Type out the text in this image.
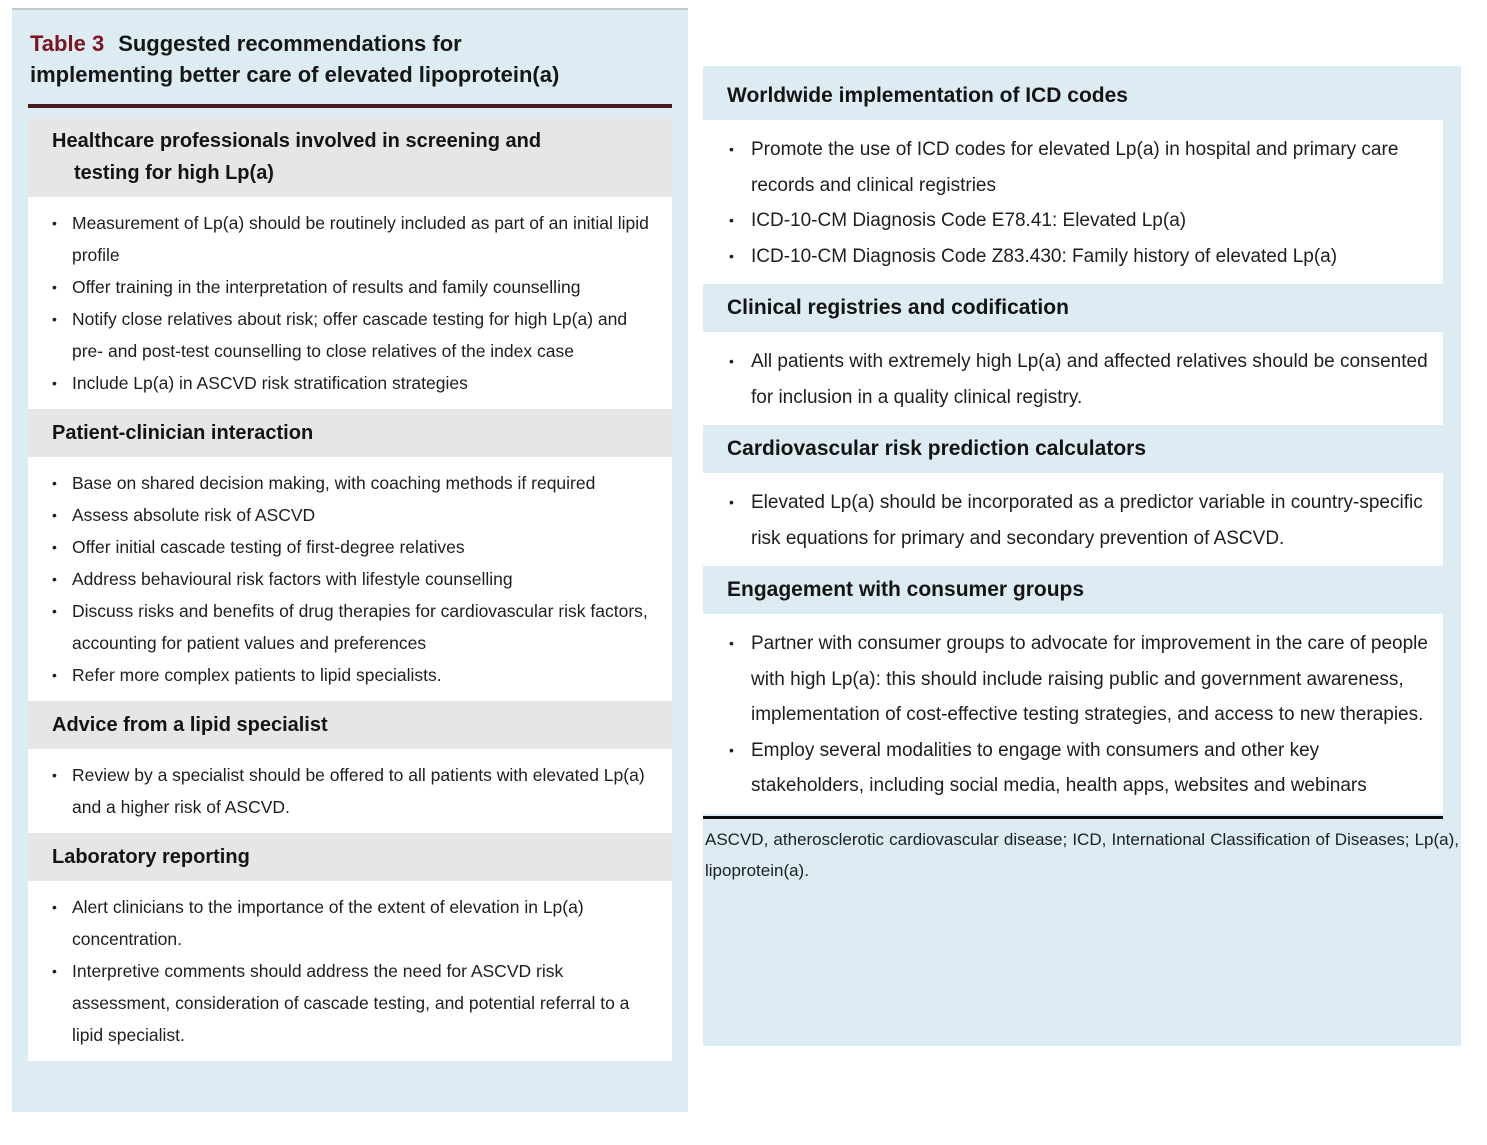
Table 3 Suggested recommendations for
implementing better care of elevated lipoprotein(a)
Healthcare professionals involved in screening and
testing for high Lp(a)
• Measurement of Lp(a) should be routinely included as part of an initial lipid profile
• Offer training in the interpretation of results and family counselling
• Notify close relatives about risk; offer cascade testing for high Lp(a) and pre- and post-test counselling to close relatives of the index case
• Include Lp(a) in ASCVD risk stratification strategies
Patient-clinician interaction
• Base on shared decision making, with coaching methods if required
• Assess absolute risk of ASCVD
• Offer initial cascade testing of first-degree relatives
• Address behavioural risk factors with lifestyle counselling
• Discuss risks and benefits of drug therapies for cardiovascular risk factors, accounting for patient values and preferences
• Refer more complex patients to lipid specialists.
Advice from a lipid specialist
• Review by a specialist should be offered to all patients with elevated Lp(a) and a higher risk of ASCVD.
Laboratory reporting
• Alert clinicians to the importance of the extent of elevation in Lp(a) concentration.
• Interpretive comments should address the need for ASCVD risk assessment, consideration of cascade testing, and potential referral to a lipid specialist.
Worldwide implementation of ICD codes
• Promote the use of ICD codes for elevated Lp(a) in hospital and primary care records and clinical registries
• ICD-10-CM Diagnosis Code E78.41: Elevated Lp(a)
• ICD-10-CM Diagnosis Code Z83.430: Family history of elevated Lp(a)
Clinical registries and codification
• All patients with extremely high Lp(a) and affected relatives should be consented for inclusion in a quality clinical registry.
Cardiovascular risk prediction calculators
• Elevated Lp(a) should be incorporated as a predictor variable in country-specific risk equations for primary and secondary prevention of ASCVD.
Engagement with consumer groups
• Partner with consumer groups to advocate for improvement in the care of people with high Lp(a): this should include raising public and government awareness, implementation of cost-effective testing strategies, and access to new therapies.
• Employ several modalities to engage with consumers and other key stakeholders, including social media, health apps, websites and webinars
ASCVD, atherosclerotic cardiovascular disease; ICD, International Classification of Diseases; Lp(a), lipoprotein(a).
